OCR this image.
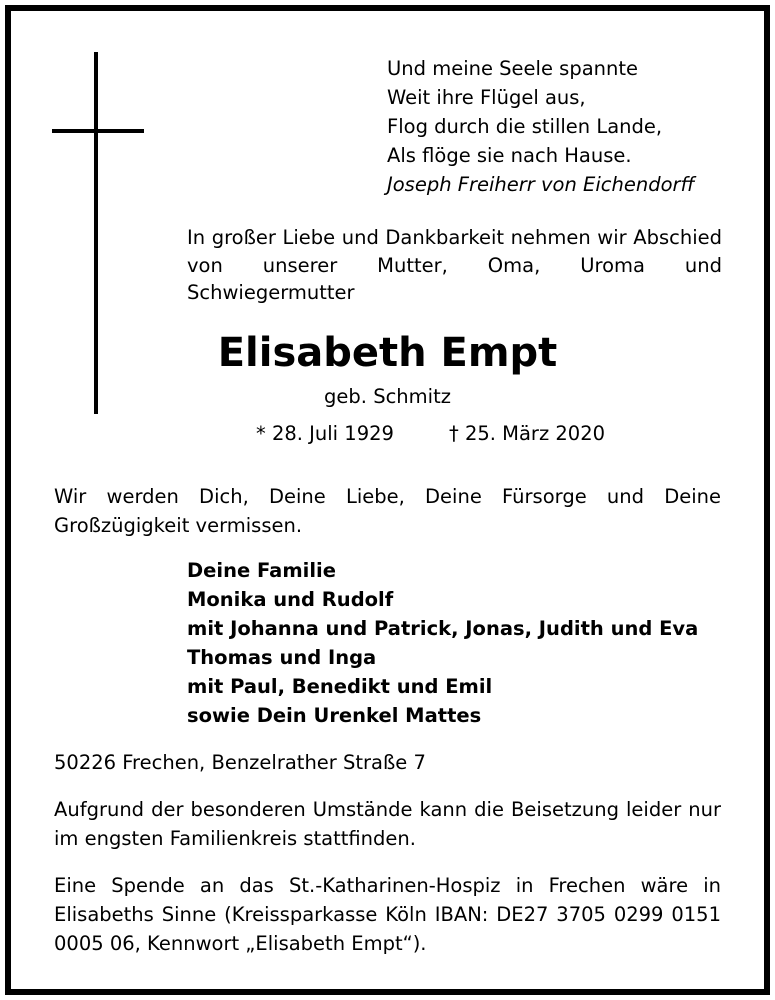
Und meine Seele spannte
Weit ihre Flügel aus,
Flog durch die stillen Lande,
Als flöge sie nach Hause.
Joseph Freiherr von Eichendorff
In großer Liebe und Dankbarkeit nehmen wir Abschied von unserer Mutter, Oma, Uroma und Schwiegermutter
Elisabeth Empt
geb. Schmitz
* 28. Juli 1929	† 25. März 2020
Wir werden Dich, Deine Liebe, Deine Fürsorge und Deine Großzügigkeit vermissen.
Deine Familie
Monika und Rudolf
mit Johanna und Patrick, Jonas, Judith und Eva
Thomas und Inga
mit Paul, Benedikt und Emil
sowie Dein Urenkel Mattes
50226 Frechen, Benzelrather Straße 7
Aufgrund der besonderen Umstände kann die Beisetzung leider nur im engsten Familienkreis stattfinden.
Eine Spende an das St.-Katharinen-Hospiz in Frechen wäre in Elisabeths Sinne (Kreissparkasse Köln IBAN: DE27 3705 0299 0151 0005 06, Kennwort „Elisabeth Empt“).
